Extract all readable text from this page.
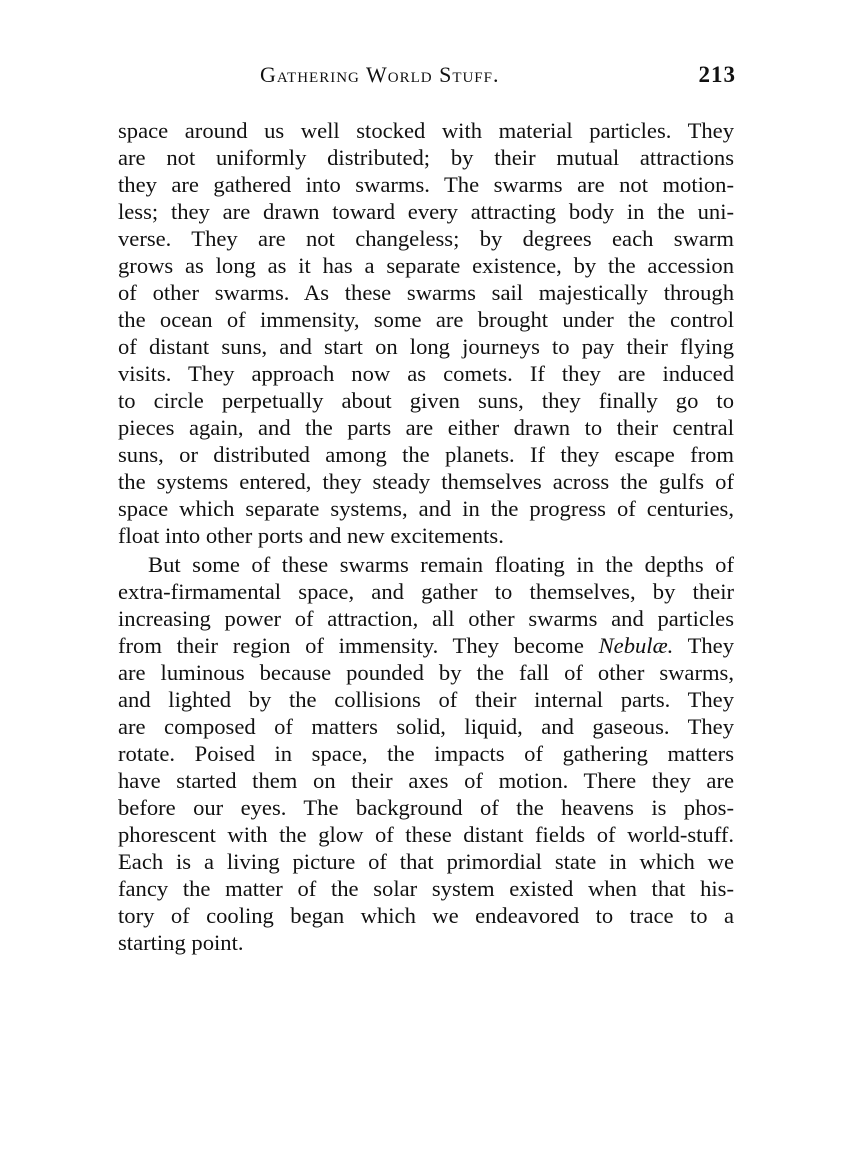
Gathering World Stuff.	213
space around us well stocked with material particles. They
are not uniformly distributed; by their mutual attractions
they are gathered into swarms. The swarms are not motion-
less; they are drawn toward every attracting body in the uni-
verse. They are not changeless; by degrees each swarm
grows as long as it has a separate existence, by the accession
of other swarms. As these swarms sail majestically through
the ocean of immensity, some are brought under the control
of distant suns, and start on long journeys to pay their flying
visits. They approach now as comets. If they are induced
to circle perpetually about given suns, they finally go to
pieces again, and the parts are either drawn to their central
suns, or distributed among the planets. If they escape from
the systems entered, they steady themselves across the gulfs of
space which separate systems, and in the progress of centuries,
float into other ports and new excitements.
But some of these swarms remain floating in the depths of
extra-firmamental space, and gather to themselves, by their
increasing power of attraction, all other swarms and particles
from their region of immensity. They become Nebulæ. They
are luminous because pounded by the fall of other swarms,
and lighted by the collisions of their internal parts. They
are composed of matters solid, liquid, and gaseous. They
rotate. Poised in space, the impacts of gathering matters
have started them on their axes of motion. There they are
before our eyes. The background of the heavens is phos-
phorescent with the glow of these distant fields of world-stuff.
Each is a living picture of that primordial state in which we
fancy the matter of the solar system existed when that his-
tory of cooling began which we endeavored to trace to a
starting point.
